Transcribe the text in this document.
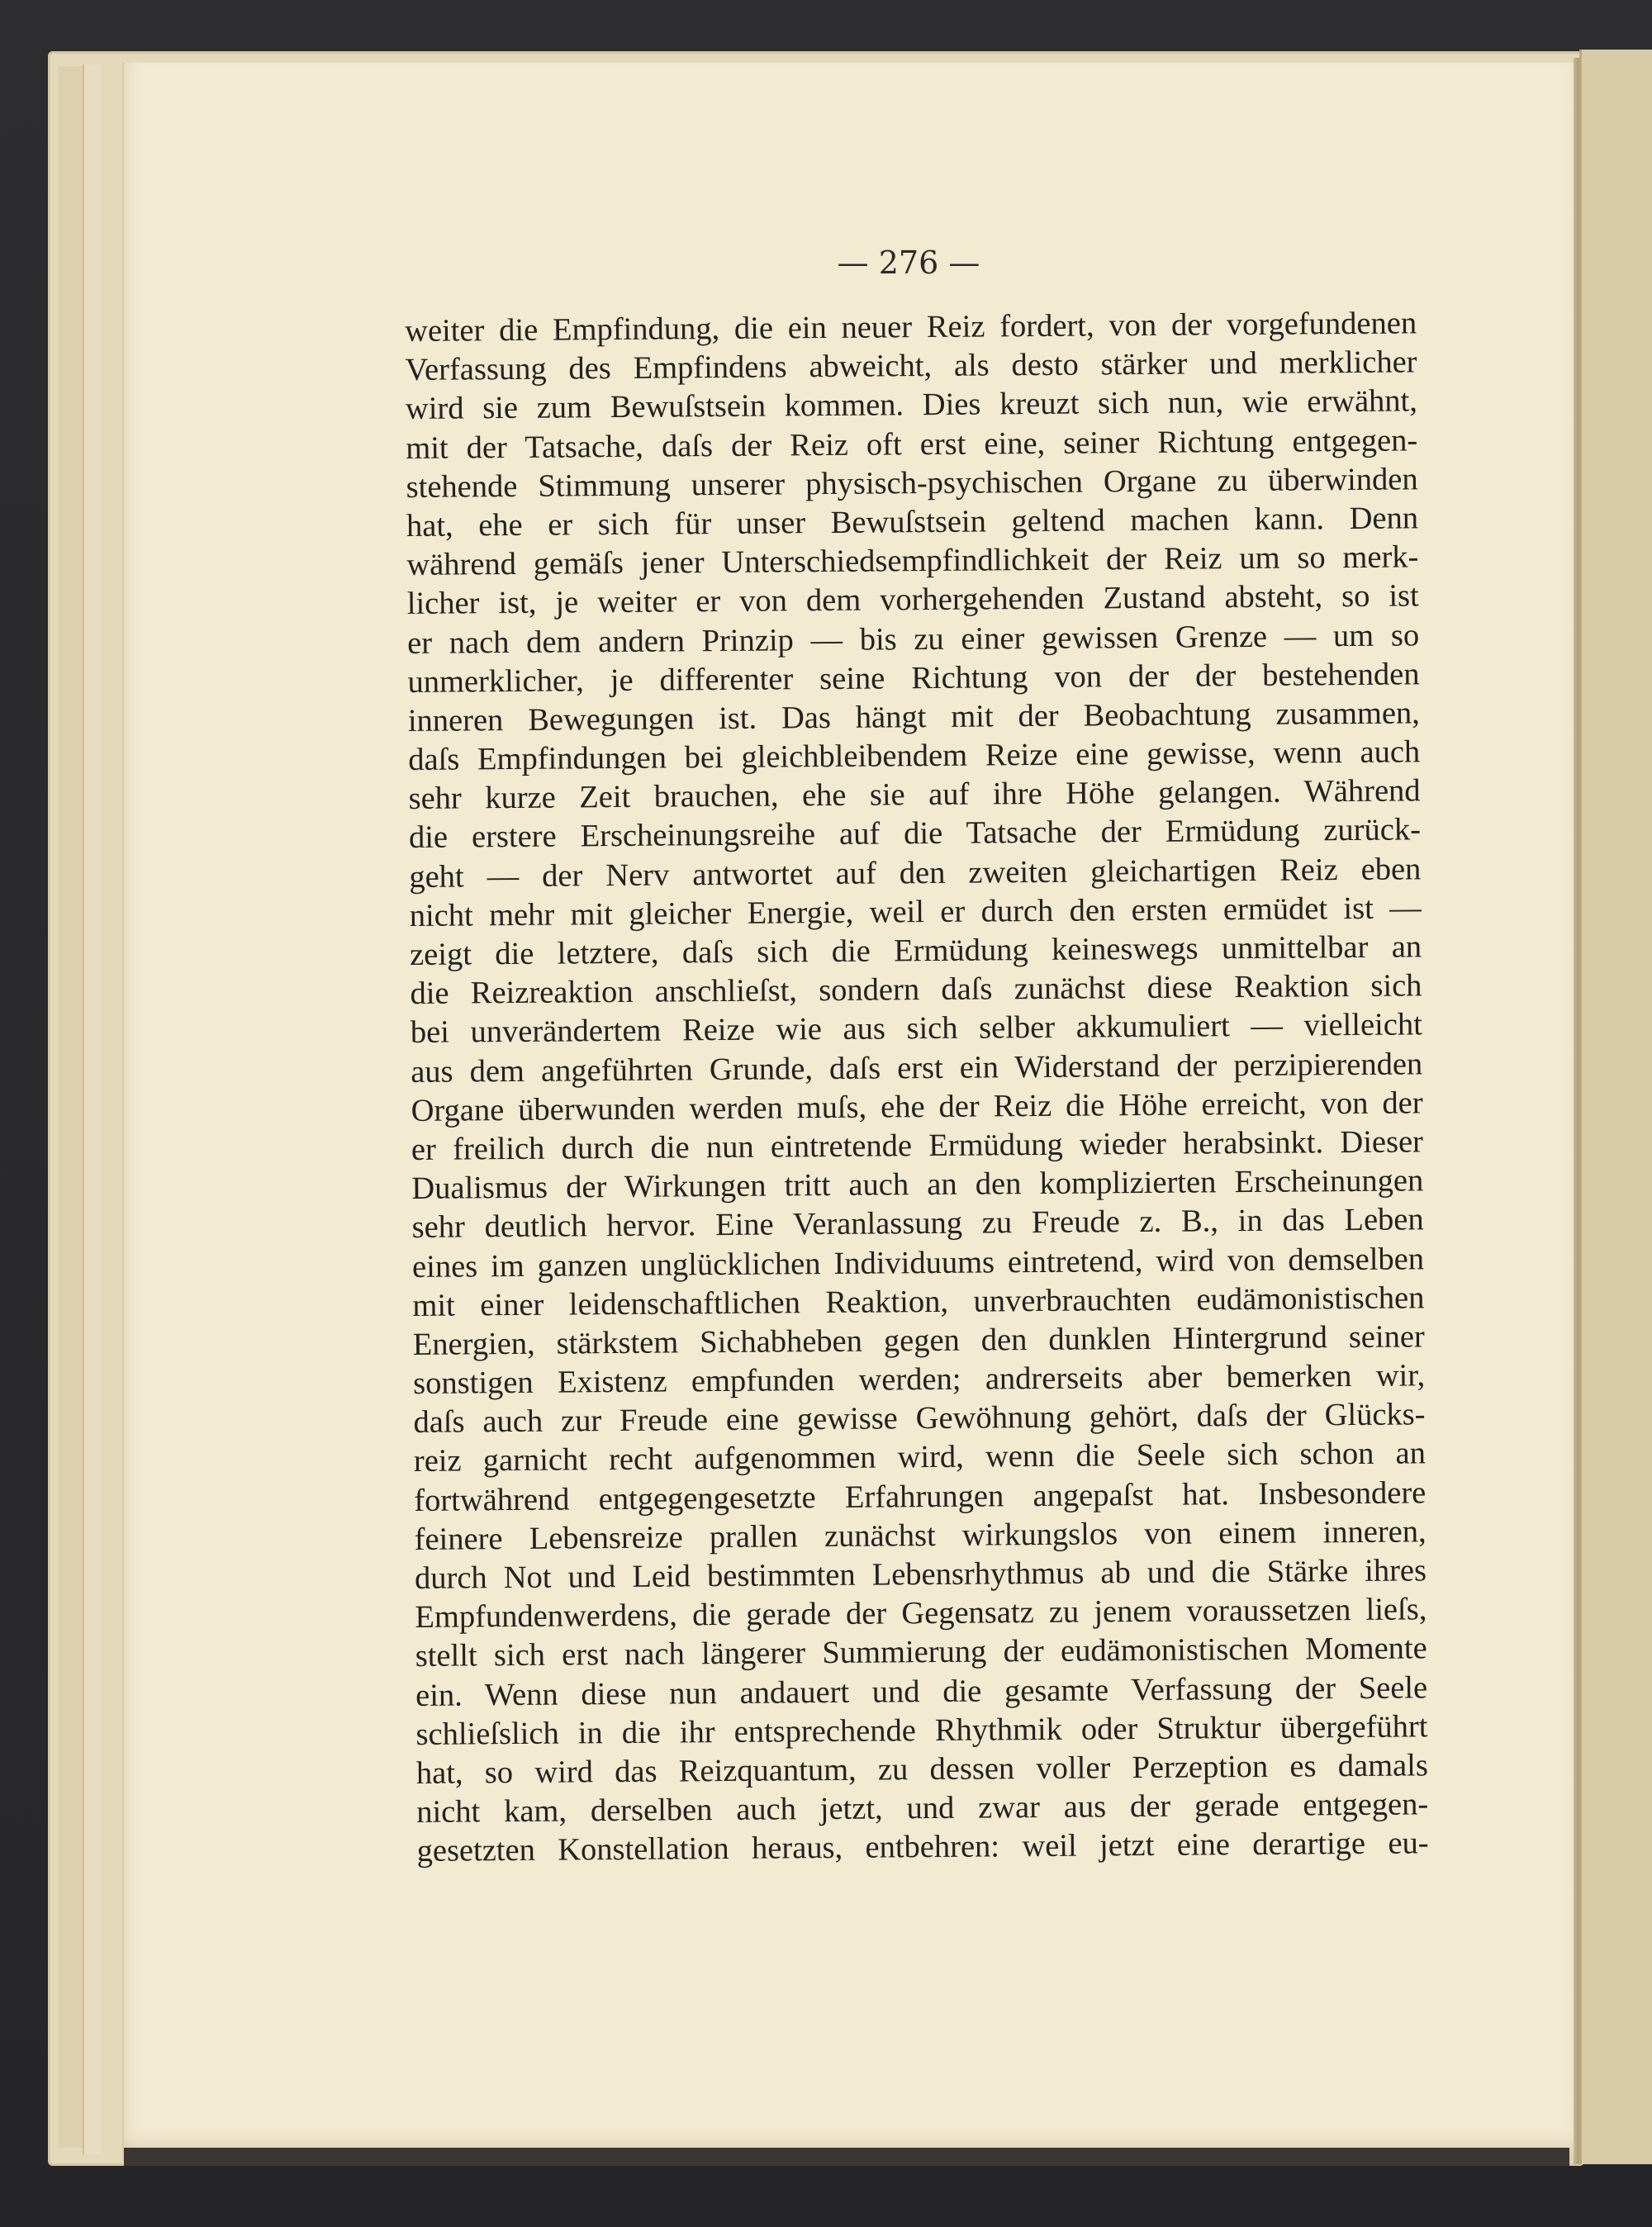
— 276 —
weiter die Empfindung, die ein neuer Reiz fordert, von der vorgefundenen
Verfassung des Empfindens abweicht, als desto stärker und merklicher
wird sie zum Bewuſstsein kommen. Dies kreuzt sich nun, wie erwähnt,
mit der Tatsache, daſs der Reiz oft erst eine, seiner Richtung entgegen-
stehende Stimmung unserer physisch-psychischen Organe zu überwinden
hat, ehe er sich für unser Bewuſstsein geltend machen kann. Denn
während gemäſs jener Unterschiedsempfindlichkeit der Reiz um so merk-
licher ist, je weiter er von dem vorhergehenden Zustand absteht, so ist
er nach dem andern Prinzip — bis zu einer gewissen Grenze — um so
unmerklicher, je differenter seine Richtung von der der bestehenden
inneren Bewegungen ist. Das hängt mit der Beobachtung zusammen,
daſs Empfindungen bei gleichbleibendem Reize eine gewisse, wenn auch
sehr kurze Zeit brauchen, ehe sie auf ihre Höhe gelangen. Während
die erstere Erscheinungsreihe auf die Tatsache der Ermüdung zurück-
geht — der Nerv antwortet auf den zweiten gleichartigen Reiz eben
nicht mehr mit gleicher Energie, weil er durch den ersten ermüdet ist —
zeigt die letztere, daſs sich die Ermüdung keineswegs unmittelbar an
die Reizreaktion anschlieſst, sondern daſs zunächst diese Reaktion sich
bei unverändertem Reize wie aus sich selber akkumuliert — vielleicht
aus dem angeführten Grunde, daſs erst ein Widerstand der perzipierenden
Organe überwunden werden muſs, ehe der Reiz die Höhe erreicht, von der
er freilich durch die nun eintretende Ermüdung wieder herabsinkt. Dieser
Dualismus der Wirkungen tritt auch an den komplizierten Erscheinungen
sehr deutlich hervor. Eine Veranlassung zu Freude z. B., in das Leben
eines im ganzen unglücklichen Individuums eintretend, wird von demselben
mit einer leidenschaftlichen Reaktion, unverbrauchten eudämonistischen
Energien, stärkstem Sichabheben gegen den dunklen Hintergrund seiner
sonstigen Existenz empfunden werden; andrerseits aber bemerken wir,
daſs auch zur Freude eine gewisse Gewöhnung gehört, daſs der Glücks-
reiz garnicht recht aufgenommen wird, wenn die Seele sich schon an
fortwährend entgegengesetzte Erfahrungen angepaſst hat. Insbesondere
feinere Lebensreize prallen zunächst wirkungslos von einem inneren,
durch Not und Leid bestimmten Lebensrhythmus ab und die Stärke ihres
Empfundenwerdens, die gerade der Gegensatz zu jenem voraussetzen lieſs,
stellt sich erst nach längerer Summierung der eudämonistischen Momente
ein. Wenn diese nun andauert und die gesamte Verfassung der Seele
schlieſslich in die ihr entsprechende Rhythmik oder Struktur übergeführt
hat, so wird das Reizquantum, zu dessen voller Perzeption es damals
nicht kam, derselben auch jetzt, und zwar aus der gerade entgegen-
gesetzten Konstellation heraus, entbehren: weil jetzt eine derartige eu-
